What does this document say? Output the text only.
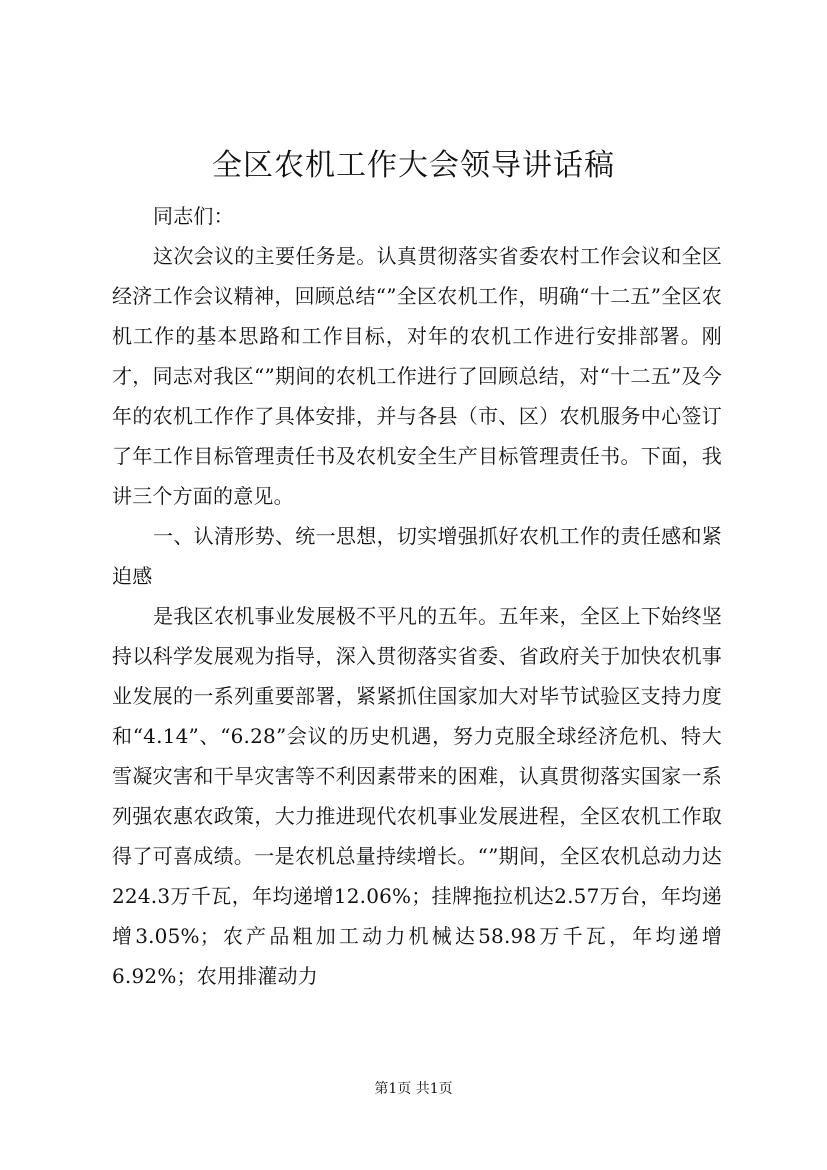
全区农机工作大会领导讲话稿

同志们：

这次会议的主要任务是。认真贯彻落实省委农村工作会议和全区经济工作会议精神，回顾总结“”全区农机工作，明确“十二五”全区农机工作的基本思路和工作目标，对年的农机工作进行安排部署。刚才，同志对我区“”期间的农机工作进行了回顾总结，对“十二五”及今年的农机工作作了具体安排，并与各县（市、区）农机服务中心签订了年工作目标管理责任书及农机安全生产目标管理责任书。下面，我讲三个方面的意见。

一、认清形势、统一思想，切实增强抓好农机工作的责任感和紧迫感

是我区农机事业发展极不平凡的五年。五年来，全区上下始终坚持以科学发展观为指导，深入贯彻落实省委、省政府关于加快农机事业发展的一系列重要部署，紧紧抓住国家加大对毕节试验区支持力度和“4.14”、“6.28”会议的历史机遇，努力克服全球经济危机、特大雪凝灾害和干旱灾害等不利因素带来的困难，认真贯彻落实国家一系列强农惠农政策，大力推进现代农机事业发展进程，全区农机工作取得了可喜成绩。一是农机总量持续增长。“”期间，全区农机总动力达224.3万千瓦，年均递增12.06%；挂牌拖拉机达2.57万台，年均递增3.05%；农产品粗加工动力机械达58.98万千瓦，年均递增6.92%；农用排灌动力

第1页 共1页
